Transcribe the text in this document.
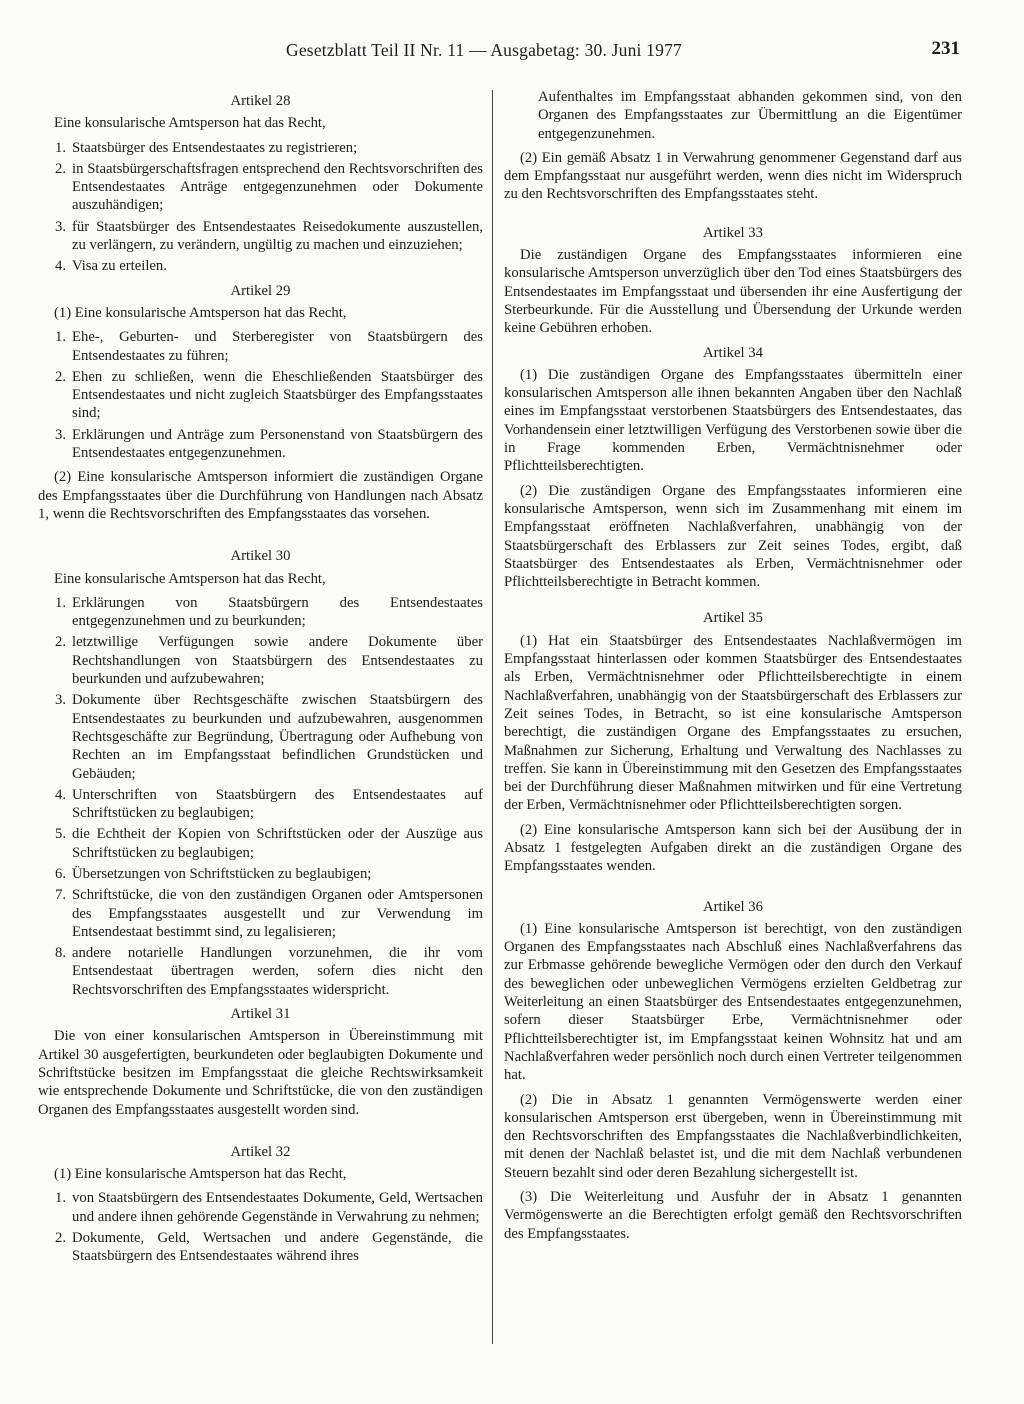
Gesetzblatt Teil II Nr. 11 — Ausgabetag: 30. Juni 1977	231
Artikel 28

Eine konsularische Amtsperson hat das Recht,

1. Staatsbürger des Entsendestaates zu registrieren;
2. in Staatsbürgerschaftsfragen entsprechend den Rechtsvorschriften des Entsendestaates Anträge entgegenzunehmen oder Dokumente auszuhändigen;
3. für Staatsbürger des Entsendestaates Reisedokumente auszustellen, zu verlängern, zu verändern, ungültig zu machen und einzuziehen;
4. Visa zu erteilen.
Artikel 29

(1) Eine konsularische Amtsperson hat das Recht,

1. Ehe-, Geburten- und Sterberegister von Staatsbürgern des Entsendestaates zu führen;
2. Ehen zu schließen, wenn die Eheschließenden Staatsbürger des Entsendestaates und nicht zugleich Staatsbürger des Empfangsstaates sind;
3. Erklärungen und Anträge zum Personenstand von Staatsbürgern des Entsendestaates entgegenzunehmen.

(2) Eine konsularische Amtsperson informiert die zuständigen Organe des Empfangsstaates über die Durchführung von Handlungen nach Absatz 1, wenn die Rechtsvorschriften des Empfangsstaates das vorsehen.

Artikel 30

Eine konsularische Amtsperson hat das Recht,

1. Erklärungen von Staatsbürgern des Entsendestaates entgegenzunehmen und zu beurkunden;
2. letztwillige Verfügungen sowie andere Dokumente über Rechtshandlungen von Staatsbürgern des Entsendestaates zu beurkunden und aufzubewahren;
3. Dokumente über Rechtsgeschäfte zwischen Staatsbürgern des Entsendestaates zu beurkunden und aufzubewahren, ausgenommen Rechtsgeschäfte zur Begründung, Übertragung oder Aufhebung von Rechten an im Empfangsstaat befindlichen Grundstücken und Gebäuden;
4. Unterschriften von Staatsbürgern des Entsendestaates auf Schriftstücken zu beglaubigen;
5. die Echtheit der Kopien von Schriftstücken oder der Auszüge aus Schriftstücken zu beglaubigen;
6. Übersetzungen von Schriftstücken zu beglaubigen;
7. Schriftstücke, die von den zuständigen Organen oder Amtspersonen des Empfangsstaates ausgestellt und zur Verwendung im Entsendestaat bestimmt sind, zu legalisieren;
8. andere notarielle Handlungen vorzunehmen, die ihr vom Entsendestaat übertragen werden, sofern dies nicht den Rechtsvorschriften des Empfangsstaates widerspricht.
Artikel 31

Die von einer konsularischen Amtsperson in Übereinstimmung mit Artikel 30 ausgefertigten, beurkundeten oder beglaubigten Dokumente und Schriftstücke besitzen im Empfangsstaat die gleiche Rechtswirksamkeit wie entsprechende Dokumente und Schriftstücke, die von den zuständigen Organen des Empfangsstaates ausgestellt worden sind.

Artikel 32

(1) Eine konsularische Amtsperson hat das Recht,

1. von Staatsbürgern des Entsendestaates Dokumente, Geld, Wertsachen und andere ihnen gehörende Gegenstände in Verwahrung zu nehmen;
2. Dokumente, Geld, Wertsachen und andere Gegenstände, die Staatsbürgern des Entsendestaates während ihres

Aufenthaltes im Empfangsstaat abhanden gekommen sind, von den Organen des Empfangsstaates zur Übermittlung an die Eigentümer entgegenzunehmen.

(2) Ein gemäß Absatz 1 in Verwahrung genommener Gegenstand darf aus dem Empfangsstaat nur ausgeführt werden, wenn dies nicht im Widerspruch zu den Rechtsvorschriften des Empfangsstaates steht.

Artikel 33

Die zuständigen Organe des Empfangsstaates informieren eine konsularische Amtsperson unverzüglich über den Tod eines Staatsbürgers des Entsendestaates im Empfangsstaat und übersenden ihr eine Ausfertigung der Sterbeurkunde. Für die Ausstellung und Übersendung der Urkunde werden keine Gebühren erhoben.

Artikel 34

(1) Die zuständigen Organe des Empfangsstaates übermitteln einer konsularischen Amtsperson alle ihnen bekannten Angaben über den Nachlaß eines im Empfangsstaat verstorbenen Staatsbürgers des Entsendestaates, das Vorhandensein einer letztwilligen Verfügung des Verstorbenen sowie über die in Frage kommenden Erben, Vermächtnisnehmer oder Pflichtteilsberechtigten.

(2) Die zuständigen Organe des Empfangsstaates informieren eine konsularische Amtsperson, wenn sich im Zusammenhang mit einem im Empfangsstaat eröffneten Nachlaßverfahren, unabhängig von der Staatsbürgerschaft des Erblassers zur Zeit seines Todes, ergibt, daß Staatsbürger des Entsendestaates als Erben, Vermächtnisnehmer oder Pflichtteilsberechtigte in Betracht kommen.

Artikel 35

(1) Hat ein Staatsbürger des Entsendestaates Nachlaßvermögen im Empfangsstaat hinterlassen oder kommen Staatsbürger des Entsendestaates als Erben, Vermächtnisnehmer oder Pflichtteilsberechtigte in einem Nachlaßverfahren, unabhängig von der Staatsbürgerschaft des Erblassers zur Zeit seines Todes, in Betracht, so ist eine konsularische Amtsperson berechtigt, die zuständigen Organe des Empfangsstaates zu ersuchen, Maßnahmen zur Sicherung, Erhaltung und Verwaltung des Nachlasses zu treffen. Sie kann in Übereinstimmung mit den Gesetzen des Empfangsstaates bei der Durchführung dieser Maßnahmen mitwirken und für eine Vertretung der Erben, Vermächtnisnehmer oder Pflichtteilsberechtigten sorgen.

(2) Eine konsularische Amtsperson kann sich bei der Ausübung der in Absatz 1 festgelegten Aufgaben direkt an die zuständigen Organe des Empfangsstaates wenden.

Artikel 36

(1) Eine konsularische Amtsperson ist berechtigt, von den zuständigen Organen des Empfangsstaates nach Abschluß eines Nachlaßverfahrens das zur Erbmasse gehörende bewegliche Vermögen oder den durch den Verkauf des beweglichen oder unbeweglichen Vermögens erzielten Geldbetrag zur Weiterleitung an einen Staatsbürger des Entsendestaates entgegenzunehmen, sofern dieser Staatsbürger Erbe, Vermächtnisnehmer oder Pflichtteilsberechtigter ist, im Empfangsstaat keinen Wohnsitz hat und am Nachlaßverfahren weder persönlich noch durch einen Vertreter teilgenommen hat.

(2) Die in Absatz 1 genannten Vermögenswerte werden einer konsularischen Amtsperson erst übergeben, wenn in Übereinstimmung mit den Rechtsvorschriften des Empfangsstaates die Nachlaßverbindlichkeiten, mit denen der Nachlaß belastet ist, und die mit dem Nachlaß verbundenen Steuern bezahlt sind oder deren Bezahlung sichergestellt ist.

(3) Die Weiterleitung und Ausfuhr der in Absatz 1 genannten Vermögenswerte an die Berechtigten erfolgt gemäß den Rechtsvorschriften des Empfangsstaates.
